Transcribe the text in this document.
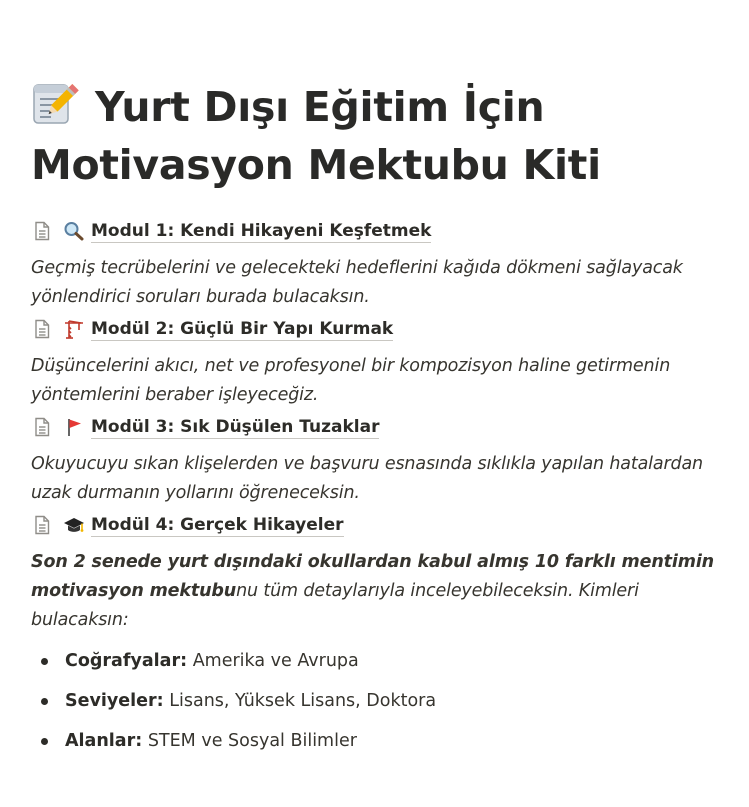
Yurt Dışı Eğitim İçin
Motivasyon Mektubu Kiti
Modul 1: Kendi Hikayeni Keşfetmek

Geçmiş tecrübelerini ve gelecekteki hedeflerini kağıda dökmeni sağlayacak yönlendirici soruları burada bulacaksın.

Modül 2: Güçlü Bir Yapı Kurmak

Düşüncelerini akıcı, net ve profesyonel bir kompozisyon haline getirmenin yöntemlerini beraber işleyeceğiz.

Modül 3: Sık Düşülen Tuzaklar

Okuyucuyu sıkan klişelerden ve başvuru esnasında sıklıkla yapılan hatalardan uzak durmanın yollarını öğreneceksin.

Modül 4: Gerçek Hikayeler

Son 2 senede yurt dışındaki okullardan kabul almış 10 farklı mentimin motivasyon mektubunu tüm detaylarıyla inceleyebileceksin. Kimleri bulacaksın:

Coğrafyalar: Amerika ve Avrupa
Seviyeler: Lisans, Yüksek Lisans, Doktora
Alanlar: STEM ve Sosyal Bilimler
